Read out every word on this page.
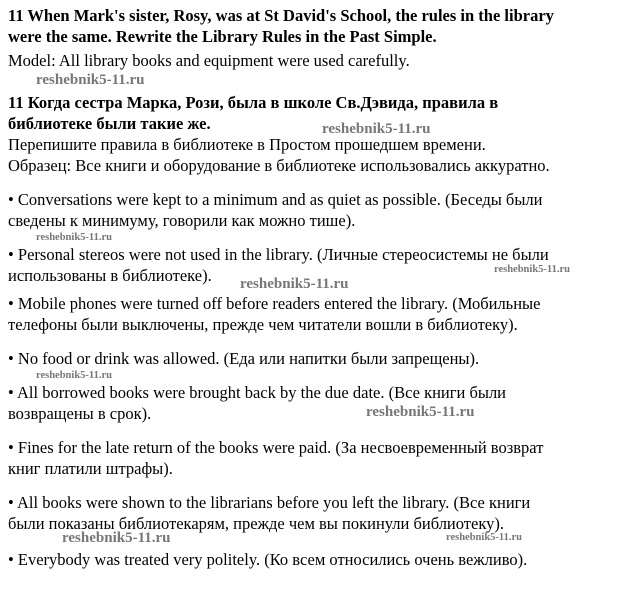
11 When Mark's sister, Rosy, was at St David's School, the rules in the library
were the same. Rewrite the Library Rules in the Past Simple.
Model: All library books and equipment were used carefully.
reshebnik5-11.ru
11 Когда сестра Марка, Рози, была в школе Св.Дэвида, правила в
библиотеке были такие же.	reshebnik5-11.ru
Перепишите правила в библиотеке в Простом прошедшем времени.
Образец: Все книги и оборудование в библиотеке использовались аккуратно.
• Conversations were kept to a minimum and as quiet as possible. (Беседы были
сведены к минимуму, говорили как можно тише).
reshebnik5-11.ru
• Personal stereos were not used in the library. (Личные стереосистемы не были
использованы в библиотеке).	reshebnik5-11.ru
reshebnik5-11.ru
• Mobile phones were turned off before readers entered the library. (Мобильные
телефоны были выключены, прежде чем читатели вошли в библиотеку).
• No food or drink was allowed. (Еда или напитки были запрещены).
reshebnik5-11.ru
• All borrowed books were brought back by the due date. (Все книги были
возвращены в срок).	reshebnik5-11.ru
• Fines for the late return of the books were paid. (За несвоевременный возврат
книг платили штрафы).
• All books were shown to the librarians before you left the library. (Все книги
были показаны библиотекарям, прежде чем вы покинули библиотеку).
reshebnik5-11.ru	reshebnik5-11.ru
• Everybody was treated very politely. (Ко всем относились очень вежливо).
